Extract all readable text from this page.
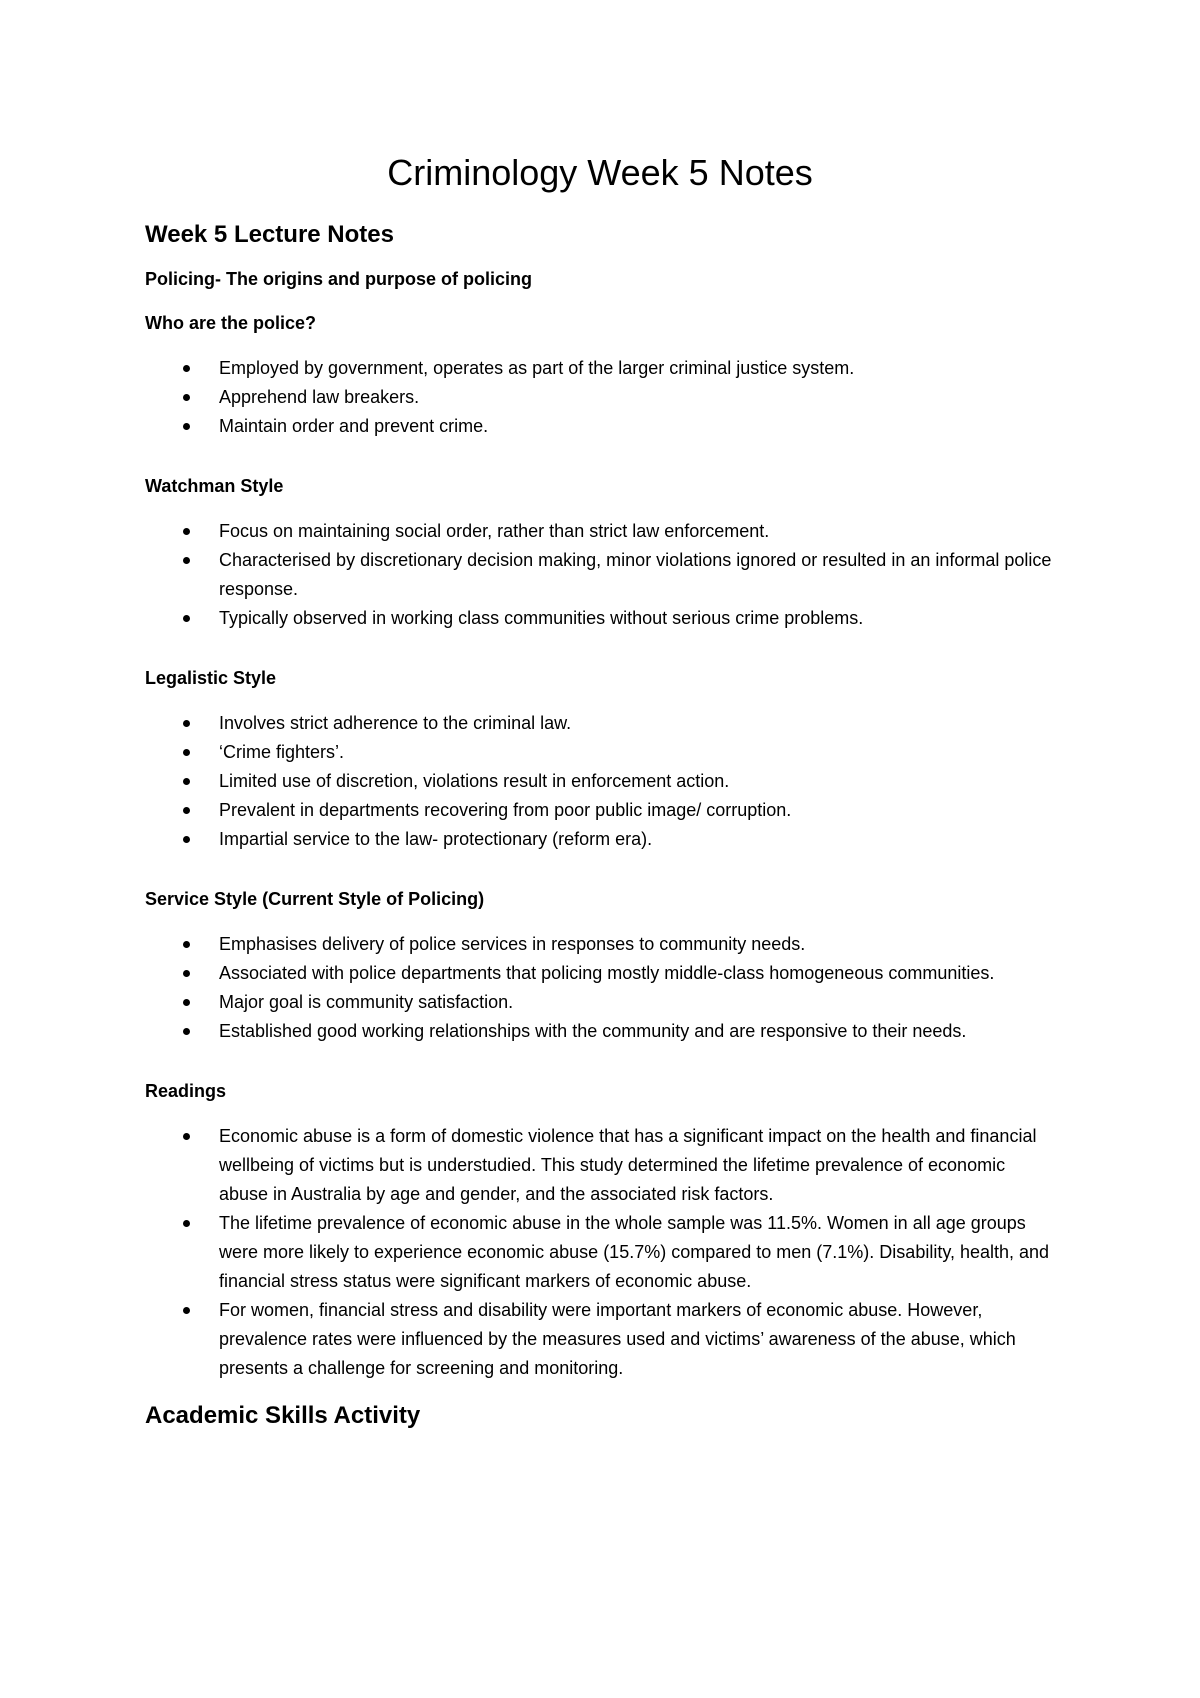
Criminology Week 5 Notes
Week 5 Lecture Notes
Policing- The origins and purpose of policing
Who are the police?
Employed by government, operates as part of the larger criminal justice system.
Apprehend law breakers.
Maintain order and prevent crime.
Watchman Style
Focus on maintaining social order, rather than strict law enforcement.
Characterised by discretionary decision making, minor violations ignored or resulted in an informal police response.
Typically observed in working class communities without serious crime problems.
Legalistic Style
Involves strict adherence to the criminal law.
‘Crime fighters’.
Limited use of discretion, violations result in enforcement action.
Prevalent in departments recovering from poor public image/ corruption.
Impartial service to the law- protectionary (reform era).
Service Style (Current Style of Policing)
Emphasises delivery of police services in responses to community needs.
Associated with police departments that policing mostly middle-class homogeneous communities.
Major goal is community satisfaction.
Established good working relationships with the community and are responsive to their needs.
Readings
Economic abuse is a form of domestic violence that has a significant impact on the health and financial wellbeing of victims but is understudied. This study determined the lifetime prevalence of economic abuse in Australia by age and gender, and the associated risk factors.
The lifetime prevalence of economic abuse in the whole sample was 11.5%. Women in all age groups were more likely to experience economic abuse (15.7%) compared to men (7.1%). Disability, health, and financial stress status were significant markers of economic abuse.
For women, financial stress and disability were important markers of economic abuse. However, prevalence rates were influenced by the measures used and victims’ awareness of the abuse, which presents a challenge for screening and monitoring.
Academic Skills Activity
